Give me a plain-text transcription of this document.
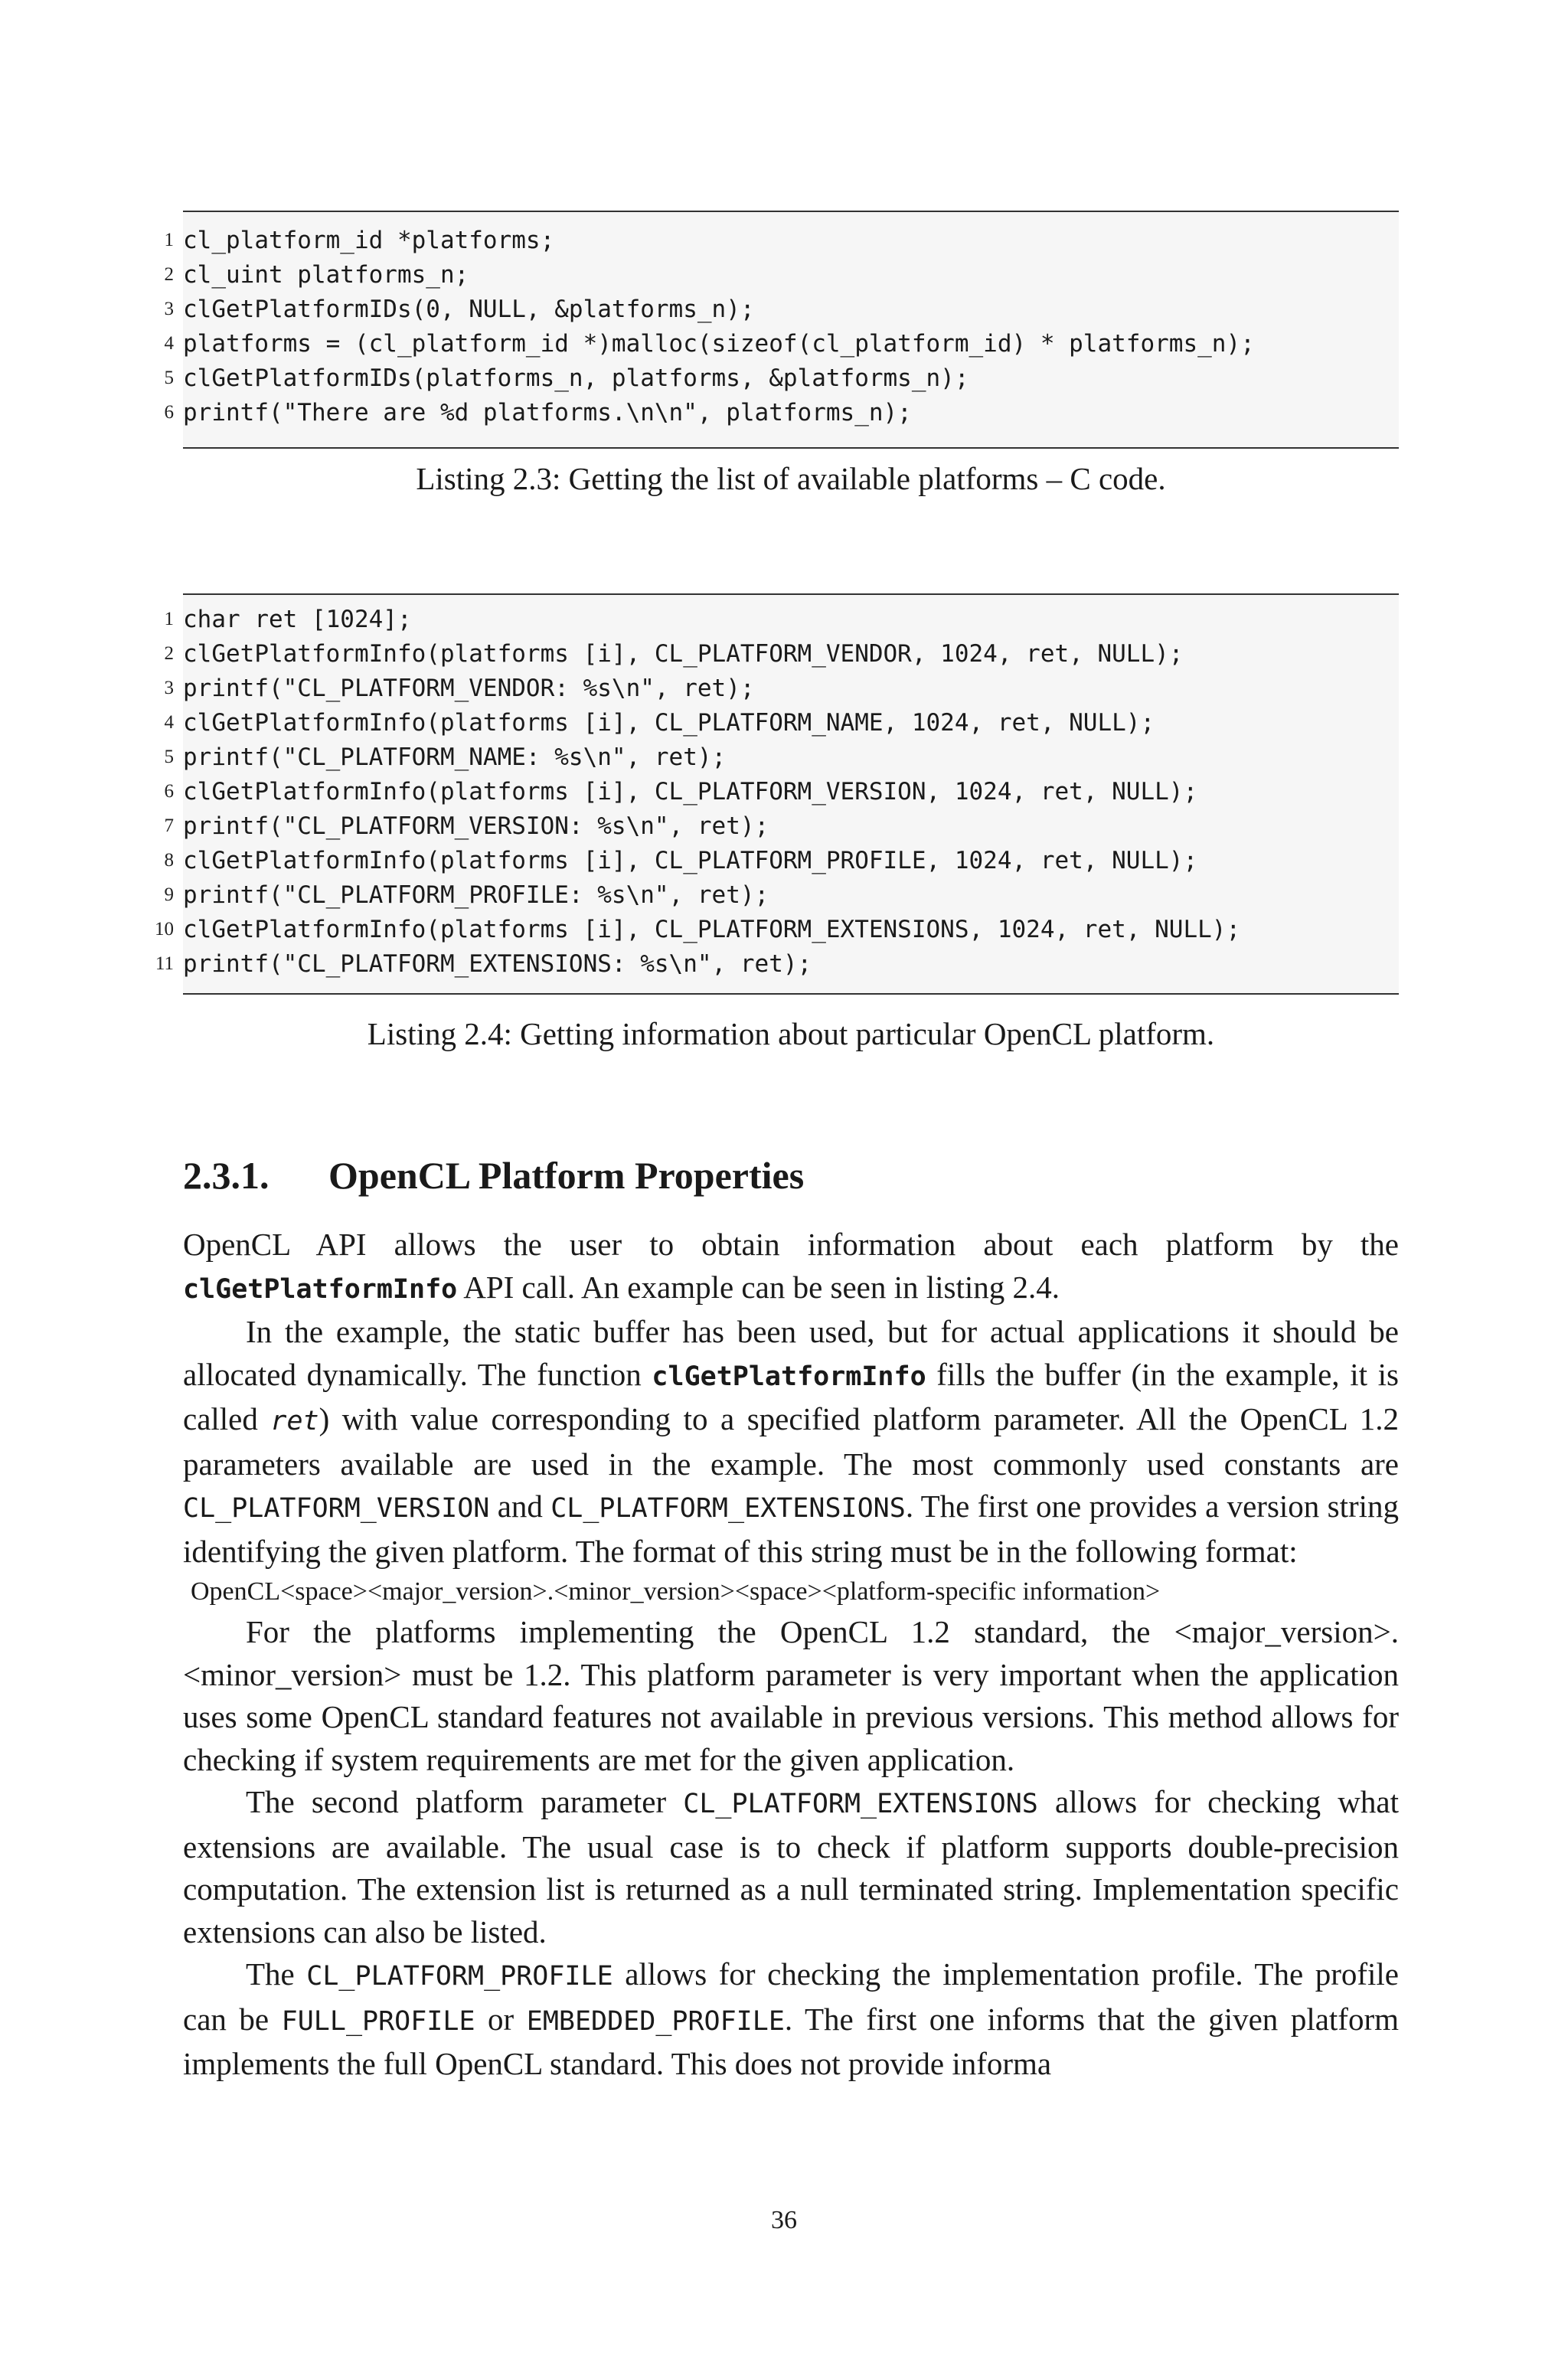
1 cl_platform_id *platforms;
2 cl_uint platforms_n;
3 clGetPlatformIDs(0, NULL, &platforms_n);
4 platforms = (cl_platform_id *)malloc(sizeof(cl_platform_id) * platforms_n);
5 clGetPlatformIDs(platforms_n, platforms, &platforms_n);
6 printf("There are %d platforms.\n\n", platforms_n);
Listing 2.3: Getting the list of available platforms – C code.
1 char ret [1024];
2 clGetPlatformInfo(platforms [i], CL_PLATFORM_VENDOR, 1024, ret, NULL);
3 printf("CL_PLATFORM_VENDOR: %s\n", ret);
4 clGetPlatformInfo(platforms [i], CL_PLATFORM_NAME, 1024, ret, NULL);
5 printf("CL_PLATFORM_NAME: %s\n", ret);
6 clGetPlatformInfo(platforms [i], CL_PLATFORM_VERSION, 1024, ret, NULL);
7 printf("CL_PLATFORM_VERSION: %s\n", ret);
8 clGetPlatformInfo(platforms [i], CL_PLATFORM_PROFILE, 1024, ret, NULL);
9 printf("CL_PLATFORM_PROFILE: %s\n", ret);
10 clGetPlatformInfo(platforms [i], CL_PLATFORM_EXTENSIONS, 1024, ret, NULL);
11 printf("CL_PLATFORM_EXTENSIONS: %s\n", ret);
Listing 2.4: Getting information about particular OpenCL platform.
2.3.1. OpenCL Platform Properties

OpenCL API allows the user to obtain information about each platform by the clGetPlatformInfo API call. An example can be seen in listing 2.4.

In the example, the static buffer has been used, but for actual applications it should be allocated dynamically. The function clGetPlatformInfo fills the buffer (in the example, it is called ret) with value corresponding to a specified platform parameter. All the OpenCL 1.2 parameters available are used in the example. The most commonly used constants are CL_PLATFORM_VERSION and CL_PLATFORM_EXTENSIONS. The first one provides a version string identifying the given platform. The format of this string must be in the following format:

OpenCL<space><major_version>.<minor_version><space><platform-specific information>

For the platforms implementing the OpenCL 1.2 standard, the <major_version>.<minor_version> must be 1.2. This platform parameter is very important when the application uses some OpenCL standard features not available in previous versions. This method allows for checking if system requirements are met for the given application.

The second platform parameter CL_PLATFORM_EXTENSIONS allows for checking what extensions are available. The usual case is to check if platform supports double-precision computation. The extension list is returned as a null terminated string. Implementation specific extensions can also be listed.

The CL_PLATFORM_PROFILE allows for checking the implementation profile. The profile can be FULL_PROFILE or EMBEDDED_PROFILE. The first one informs that the given platform implements the full OpenCL standard. This does not provide informa

36
